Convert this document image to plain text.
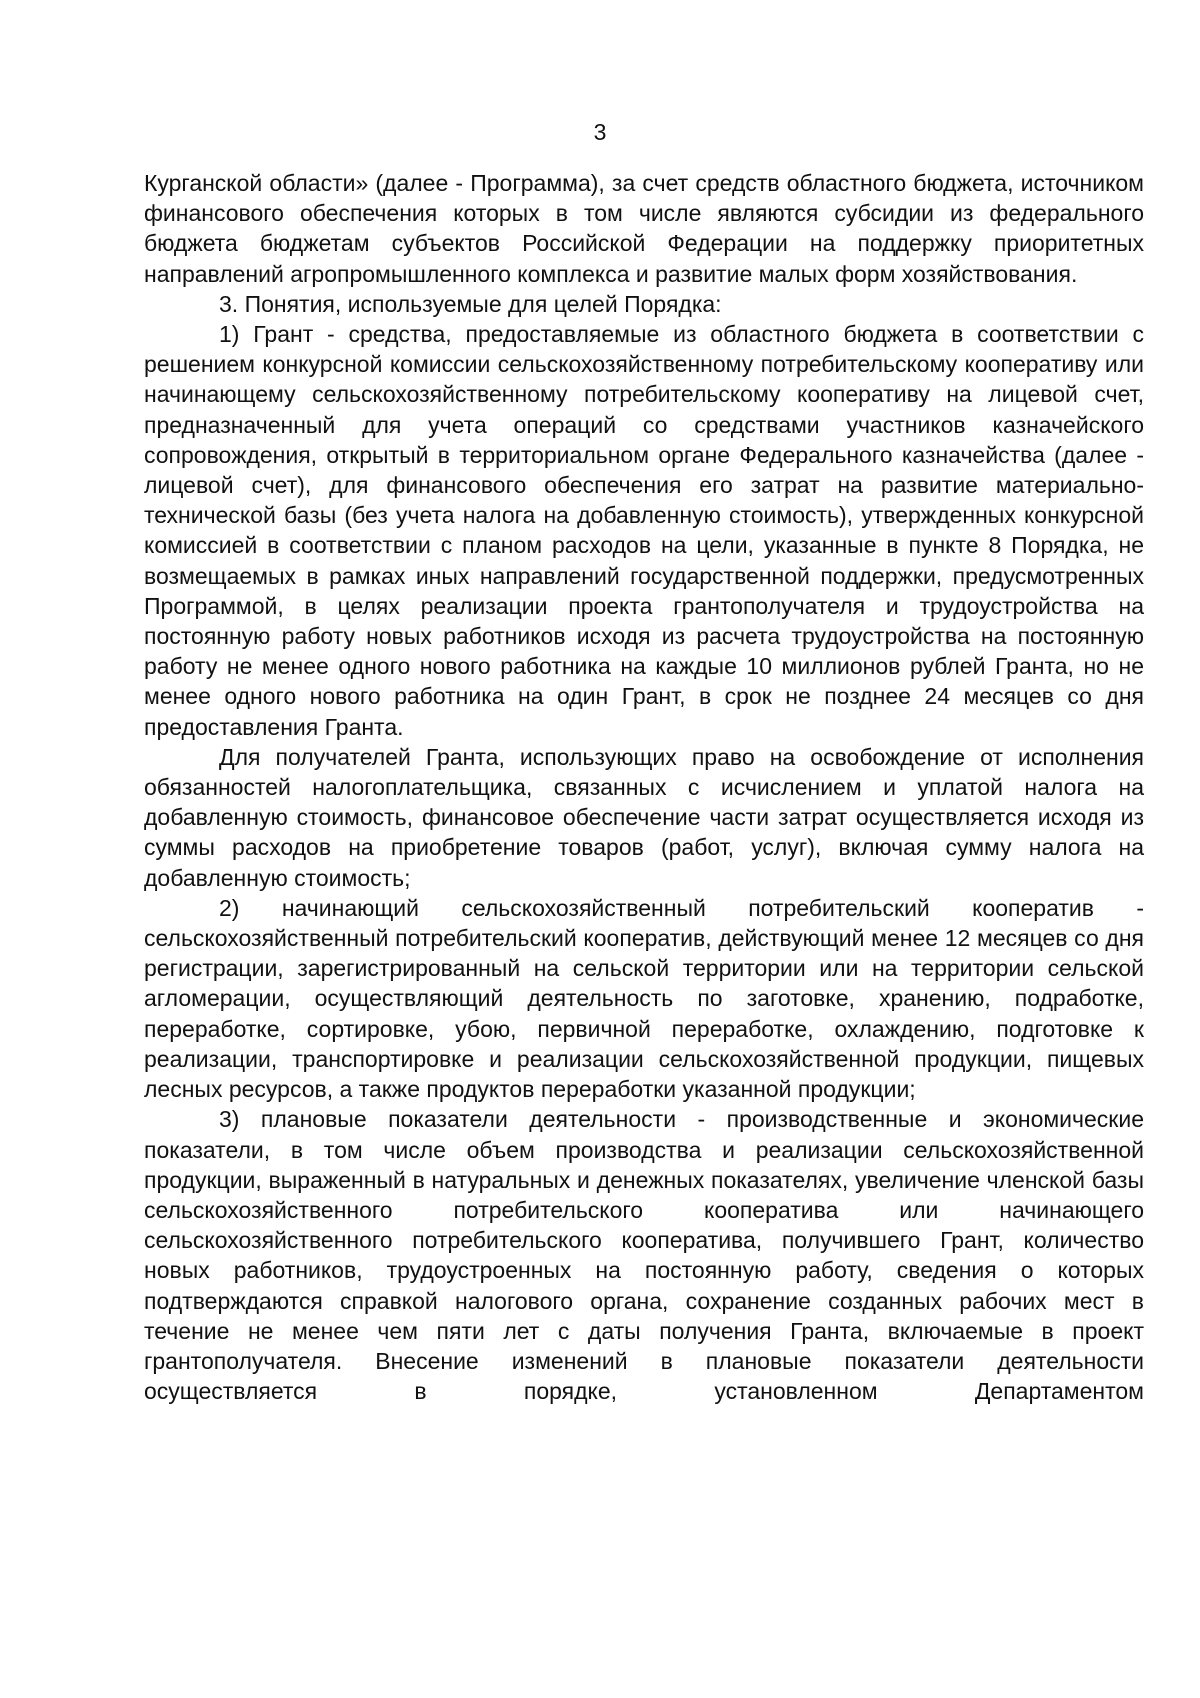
3

Курганской области» (далее - Программа), за счет средств областного бюджета, источником финансового обеспечения которых в том числе являются субсидии из федерального бюджета бюджетам субъектов Российской Федерации на поддержку приоритетных направлений агропромышленного комплекса и развитие малых форм хозяйствования.

3. Понятия, используемые для целей Порядка:

1) Грант - средства, предоставляемые из областного бюджета в соответствии с решением конкурсной комиссии сельскохозяйственному потребительскому кооперативу или начинающему сельскохозяйственному потребительскому кооперативу на лицевой счет, предназначенный для учета операций со средствами участников казначейского сопровождения, открытый в территориальном органе Федерального казначейства (далее - лицевой счет), для финансового обеспечения его затрат на развитие материально-технической базы (без учета налога на добавленную стоимость), утвержденных конкурсной комиссией в соответствии с планом расходов на цели, указанные в пункте 8 Порядка, не возмещаемых в рамках иных направлений государственной поддержки, предусмотренных Программой, в целях реализации проекта грантополучателя и трудоустройства на постоянную работу новых работников исходя из расчета трудоустройства на постоянную работу не менее одного нового работника на каждые 10 миллионов рублей Гранта, но не менее одного нового работника на один Грант, в срок не позднее 24 месяцев со дня предоставления Гранта.

Для получателей Гранта, использующих право на освобождение от исполнения обязанностей налогоплательщика, связанных с исчислением и уплатой налога на добавленную стоимость, финансовое обеспечение части затрат осуществляется исходя из суммы расходов на приобретение товаров (работ, услуг), включая сумму налога на добавленную стоимость;

2) начинающий сельскохозяйственный потребительский кооператив - сельскохозяйственный потребительский кооператив, действующий менее 12 месяцев со дня регистрации, зарегистрированный на сельской территории или на территории сельской агломерации, осуществляющий деятельность по заготовке, хранению, подработке, переработке, сортировке, убою, первичной переработке, охлаждению, подготовке к реализации, транспортировке и реализации сельскохозяйственной продукции, пищевых лесных ресурсов, а также продуктов переработки указанной продукции;

3) плановые показатели деятельности - производственные и экономические показатели, в том числе объем производства и реализации сельскохозяйственной продукции, выраженный в натуральных и денежных показателях, увеличение членской базы сельскохозяйственного потребительского кооператива или начинающего сельскохозяйственного потребительского кооператива, получившего Грант, количество новых работников, трудоустроенных на постоянную работу, сведения о которых подтверждаются справкой налогового органа, сохранение созданных рабочих мест в течение не менее чем пяти лет с даты получения Гранта, включаемые в проект грантополучателя. Внесение изменений в плановые показатели деятельности осуществляется в порядке, установленном Департаментом
